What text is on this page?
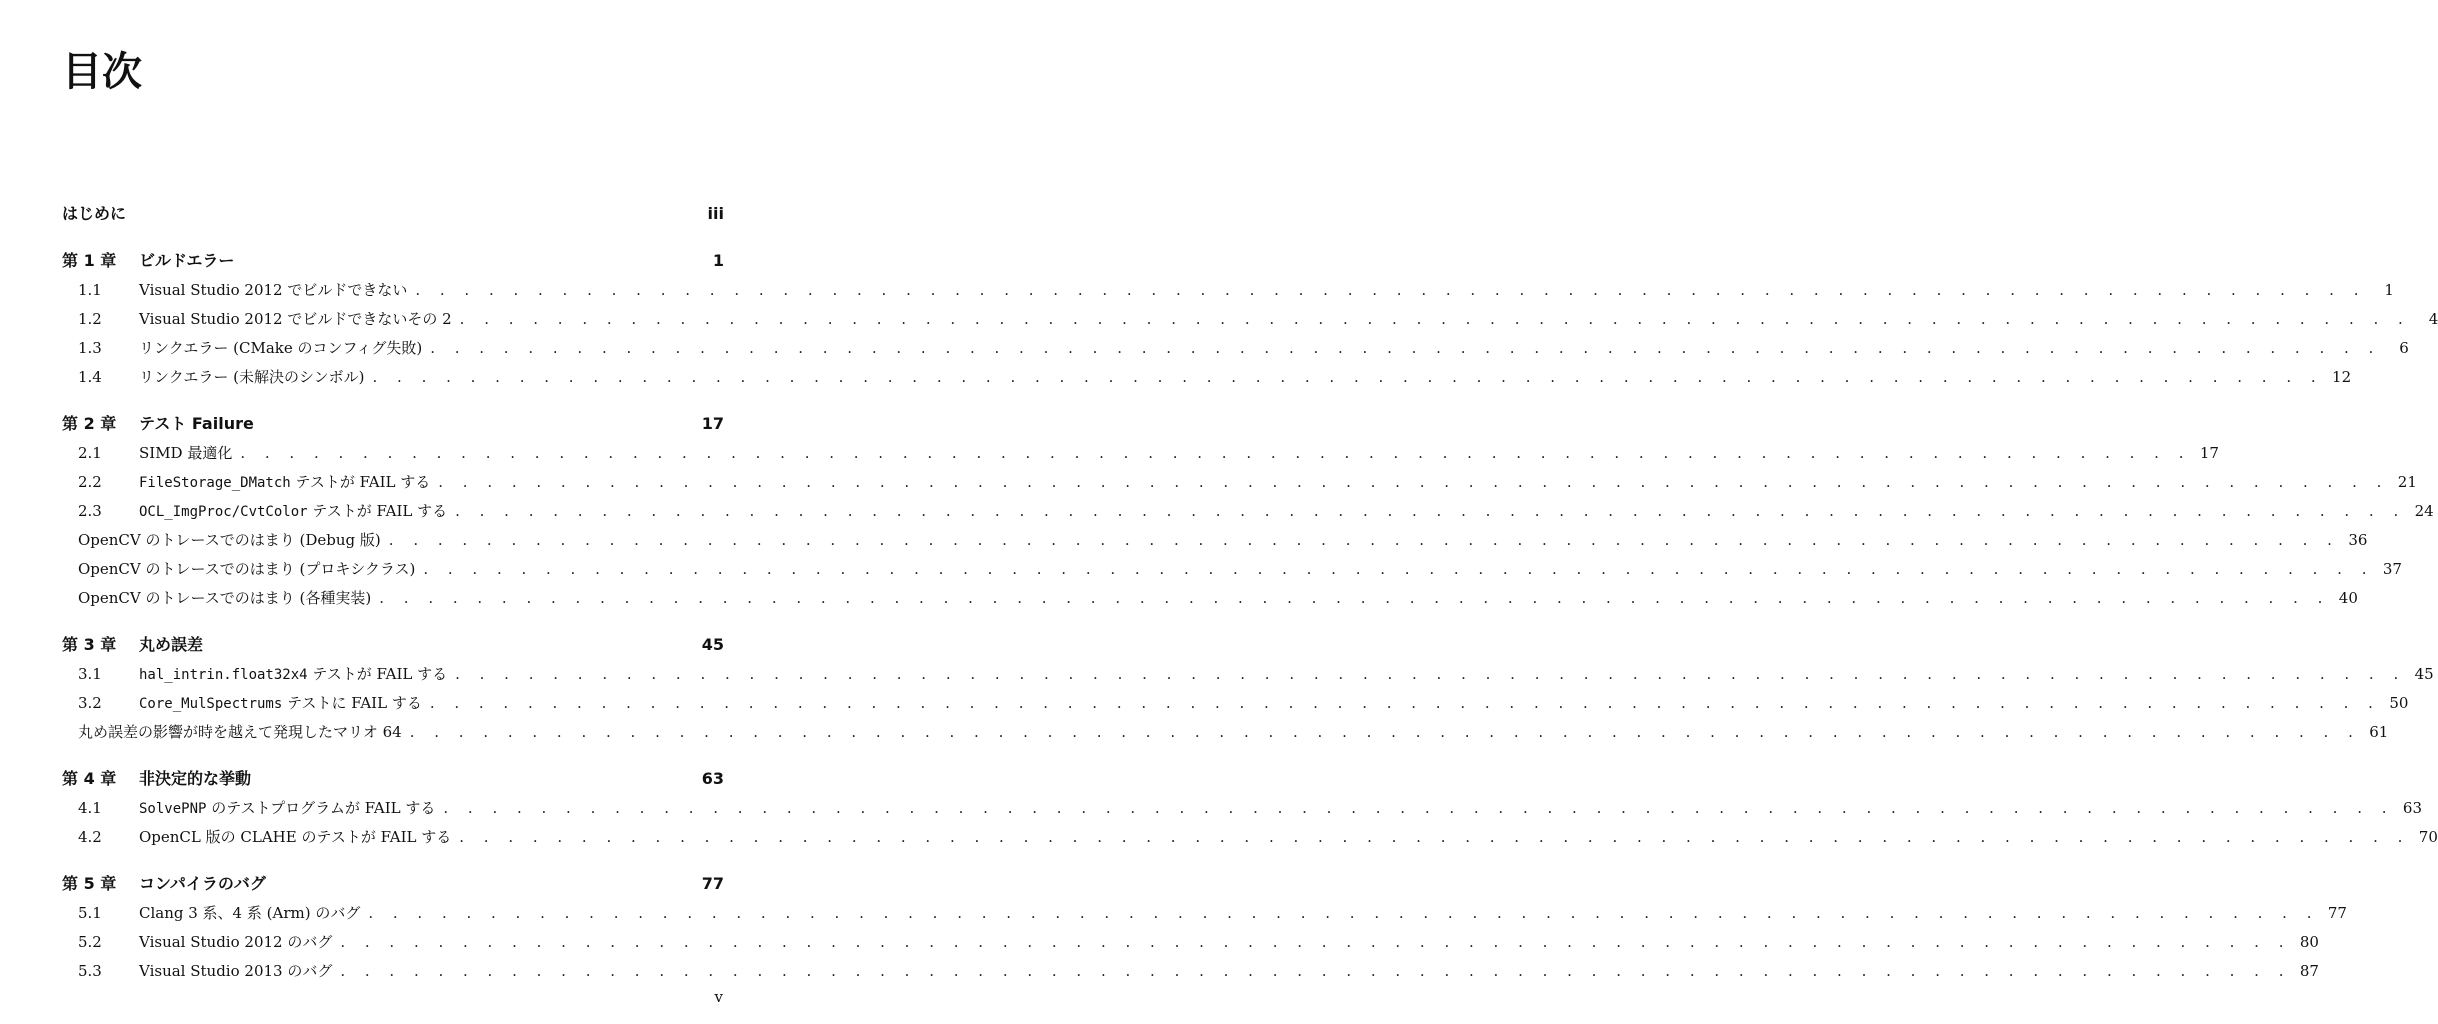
目次
はじめに	iii
第 1 章	ビルドエラー	1
1.1	Visual Studio 2012 でビルドできない . . . . . . . . . . . . . . . . . . . . . . . . . . . . . . . . . . . . . . . . . . . . . . . . . . . . . . . . . . . . . . . . . . . . . . . . . . . . . . . .	1
1.2	Visual Studio 2012 でビルドできないその 2 . . . . . . . . . . . . . . . . . . . . . . . . . . . . . . . . . . . . . . . . . . . . . . . . . . . . . . . . . . . . . . . . . . . . . . . . . . . . . . . .	4
1.3	リンクエラー (CMake のコンフィグ失敗) . . . . . . . . . . . . . . . . . . . . . . . . . . . . . . . . . . . . . . . . . . . . . . . . . . . . . . . . . . . . . . . . . . . . . . . . . . . . . . . .	6
1.4	リンクエラー (未解決のシンボル) . . . . . . . . . . . . . . . . . . . . . . . . . . . . . . . . . . . . . . . . . . . . . . . . . . . . . . . . . . . . . . . . . . . . . . . . . . . . . . . . 12
第 2 章	テスト Failure	17
2.1	SIMD 最適化 . . . . . . . . . . . . . . . . . . . . . . . . . . . . . . . . . . . . . . . . . . . . . . . . . . . . . . . . . . . . . . . . . . . . . . . . . . . . . . . . 17
2.2	FileStorage_DMatch テストが FAIL する . . . . . . . . . . . . . . . . . . . . . . . . . . . . . . . . . . . . . . . . . . . . . . . . . . . . . . . . . . . . . . . . . . . . . . . . . . . . . . . . 21
2.3	OCL_ImgProc/CvtColor テストが FAIL する . . . . . . . . . . . . . . . . . . . . . . . . . . . . . . . . . . . . . . . . . . . . . . . . . . . . . . . . . . . . . . . . . . . . . . . . . . . . . . . . 24
OpenCV のトレースでのはまり (Debug 版) . . . . . . . . . . . . . . . . . . . . . . . . . . . . . . . . . . . . . . . . . . . . . . . . . . . . . . . . . . . . . . . . . . . . . . . . . . . . . . . . 36
OpenCV のトレースでのはまり (プロキシクラス) . . . . . . . . . . . . . . . . . . . . . . . . . . . . . . . . . . . . . . . . . . . . . . . . . . . . . . . . . . . . . . . . . . . . . . . . . . . . . . . . 37
OpenCV のトレースでのはまり (各種実装) . . . . . . . . . . . . . . . . . . . . . . . . . . . . . . . . . . . . . . . . . . . . . . . . . . . . . . . . . . . . . . . . . . . . . . . . . . . . . . . . 40
第 3 章	丸め誤差	45
3.1	hal_intrin.float32x4 テストが FAIL する . . . . . . . . . . . . . . . . . . . . . . . . . . . . . . . . . . . . . . . . . . . . . . . . . . . . . . . . . . . . . . . . . . . . . . . . . . . . . . . . 45
3.2	Core_MulSpectrums テストに FAIL する . . . . . . . . . . . . . . . . . . . . . . . . . . . . . . . . . . . . . . . . . . . . . . . . . . . . . . . . . . . . . . . . . . . . . . . . . . . . . . . . 50
丸め誤差の影響が時を越えて発現したマリオ 64 . . . . . . . . . . . . . . . . . . . . . . . . . . . . . . . . . . . . . . . . . . . . . . . . . . . . . . . . . . . . . . . . . . . . . . . . . . . . . . . . 61
第 4 章	非決定的な挙動	63
4.1	SolvePNP のテストプログラムが FAIL する . . . . . . . . . . . . . . . . . . . . . . . . . . . . . . . . . . . . . . . . . . . . . . . . . . . . . . . . . . . . . . . . . . . . . . . . . . . . . . . . 63
4.2	OpenCL 版の CLAHE のテストが FAIL する . . . . . . . . . . . . . . . . . . . . . . . . . . . . . . . . . . . . . . . . . . . . . . . . . . . . . . . . . . . . . . . . . . . . . . . . . . . . . . . . 70
第 5 章	コンパイラのバグ	77
5.1	Clang 3 系、4 系 (Arm) のバグ . . . . . . . . . . . . . . . . . . . . . . . . . . . . . . . . . . . . . . . . . . . . . . . . . . . . . . . . . . . . . . . . . . . . . . . . . . . . . . . . 77
5.2	Visual Studio 2012 のバグ . . . . . . . . . . . . . . . . . . . . . . . . . . . . . . . . . . . . . . . . . . . . . . . . . . . . . . . . . . . . . . . . . . . . . . . . . . . . . . . . 80
5.3	Visual Studio 2013 のバグ . . . . . . . . . . . . . . . . . . . . . . . . . . . . . . . . . . . . . . . . . . . . . . . . . . . . . . . . . . . . . . . . . . . . . . . . . . . . . . . . 87
v
